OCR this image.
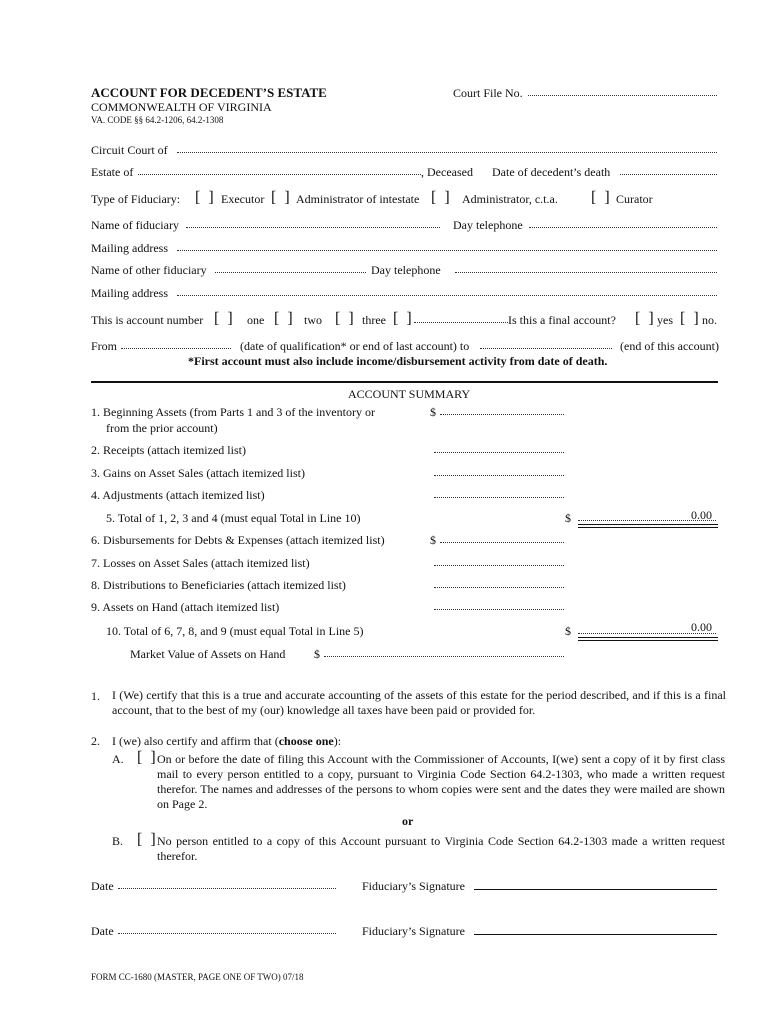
ACCOUNT FOR DECEDENT’S ESTATE
COMMONWEALTH OF VIRGINIA
VA. CODE §§ 64.2-1206, 64.2-1308
Court File No.
Circuit Court of
Estate of	, Deceased Date of decedent’s death
Type of Fiduciary: [ ] Executor [ ] Administrator of intestate [ ] Administrator, c.t.a. [ ] Curator
Name of fiduciary	Day telephone
Mailing address
Name of other fiduciary	Day telephone
Mailing address
This is account number [ ] one [ ] two [ ] three [ ]	Is this a final account? [ ] yes [ ] no.
From	(date of qualification* or end of last account) to	(end of this account)
*First account must also include income/disbursement activity from date of death.
ACCOUNT SUMMARY
1. Beginning Assets (from Parts 1 and 3 of the inventory or
from the prior account)
$
2. Receipts (attach itemized list)
3. Gains on Asset Sales (attach itemized list)
4. Adjustments (attach itemized list)
5. Total of 1, 2, 3 and 4 (must equal Total in Line 10)	$	0.00
6. Disbursements for Debts & Expenses (attach itemized list)	$
7. Losses on Asset Sales (attach itemized list)
8. Distributions to Beneficiaries (attach itemized list)
9. Assets on Hand (attach itemized list)
10. Total of 6, 7, 8, and 9 (must equal Total in Line 5)	$	0.00
Market Value of Assets on Hand $
1. I (We) certify that this is a true and accurate accounting of the assets of this estate for the period described, and if this is a final account, that to the best of my (our) knowledge all taxes have been paid or provided for.
2. I (we) also certify and affirm that (choose one):
A. [ ] On or before the date of filing this Account with the Commissioner of Accounts, I(we) sent a copy of it by first class mail to every person entitled to a copy, pursuant to Virginia Code Section 64.2-1303, who made a written request therefor. The names and addresses of the persons to whom copies were sent and the dates they were mailed are shown on Page 2.
or
B. [ ] No person entitled to a copy of this Account pursuant to Virginia Code Section 64.2-1303 made a written request therefor.
Date	Fiduciary’s Signature
Date	Fiduciary’s Signature
FORM CC-1680 (MASTER, PAGE ONE OF TWO) 07/18
